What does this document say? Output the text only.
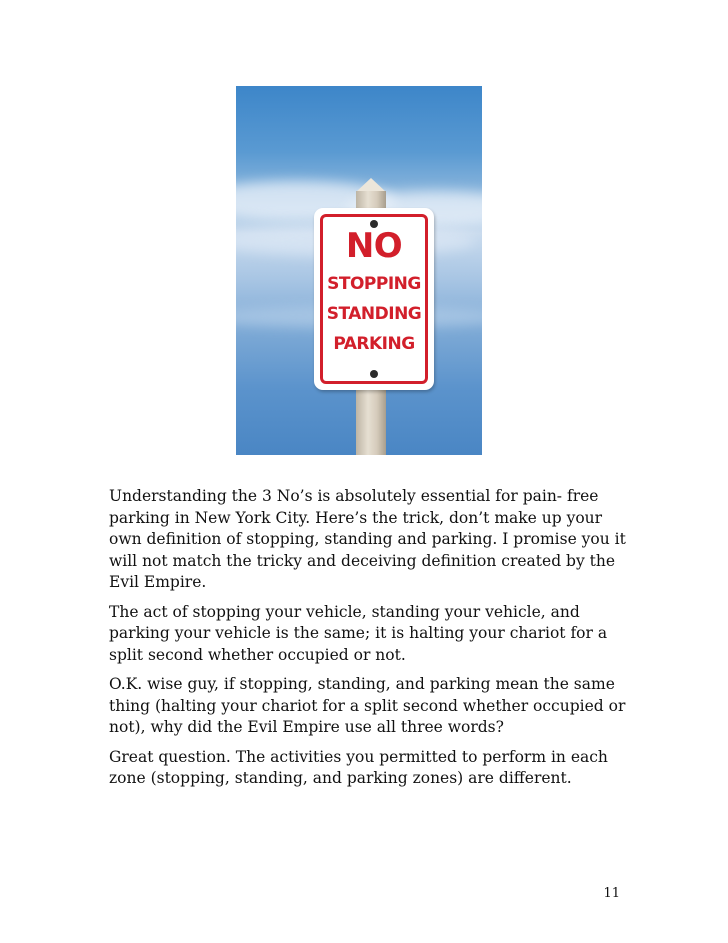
NO
STOPPING
STANDING
PARKING

Understanding the 3 No’s is absolutely essential for pain- free parking in New York City. Here’s the trick, don’t make up your own definition of stopping, standing and parking. I promise you it will not match the tricky and deceiving definition created by the Evil Empire.

The act of stopping your vehicle, standing your vehicle, and parking your vehicle is the same; it is halting your chariot for a split second whether occupied or not.

O.K. wise guy, if stopping, standing, and parking mean the same thing (halting your chariot for a split second whether occupied or not), why did the Evil Empire use all three words?

Great question. The activities you permitted to perform in each zone (stopping, standing, and parking zones) are different.

11
